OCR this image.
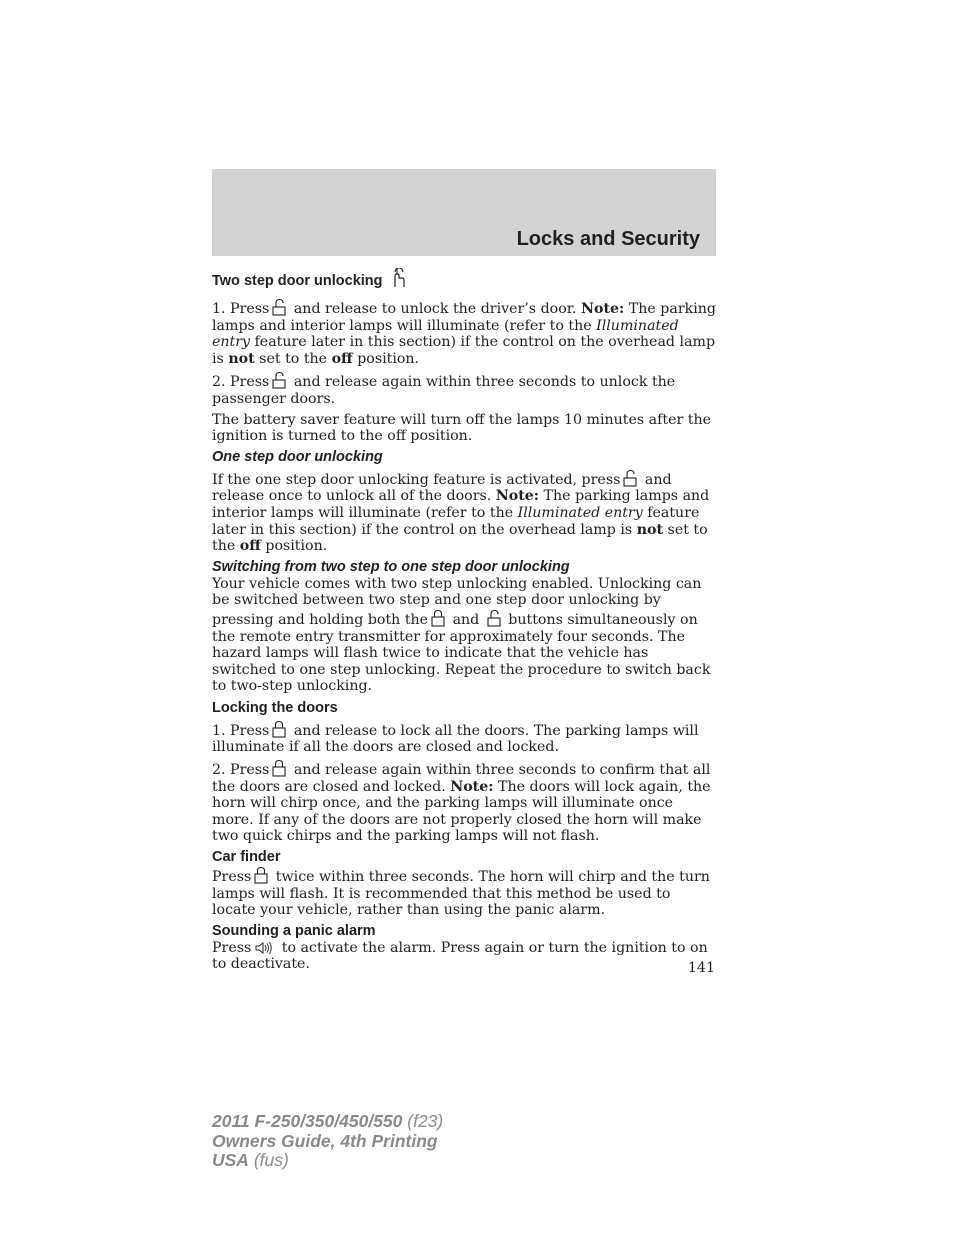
Locks and Security
Two step door unlocking

1. Press
and release to unlock the driver’s door. Note: The parking lamps and interior lamps will illuminate (refer to the Illuminated entry feature later in this section) if the control on the overhead lamp is not set to the off position.

2. Press
and release again within three seconds to unlock the passenger doors.

The battery saver feature will turn off the lamps 10 minutes after the ignition is turned to the off position.

One step door unlocking

If the one step door unlocking feature is activated, press
and release once to unlock all of the doors. Note: The parking lamps and interior lamps will illuminate (refer to the Illuminated entry feature later in this section) if the control on the overhead lamp is not set to the off position.

Switching from two step to one step door unlocking

Your vehicle comes with two step unlocking enabled. Unlocking can be switched between two step and one step door unlocking by pressing and holding both the
and
buttons simultaneously on the remote entry transmitter for approximately four seconds. The hazard lamps will flash twice to indicate that the vehicle has switched to one step unlocking. Repeat the procedure to switch back to two-step unlocking.

Locking the doors

1. Press
and release to lock all the doors. The parking lamps will illuminate if all the doors are closed and locked.

2. Press
and release again within three seconds to confirm that all the doors are closed and locked. Note: The doors will lock again, the horn will chirp once, and the parking lamps will illuminate once more. If any of the doors are not properly closed the horn will make two quick chirps and the parking lamps will not flash.

Car finder

Press
twice within three seconds. The horn will chirp and the turn lamps will flash. It is recommended that this method be used to locate your vehicle, rather than using the panic alarm.

Sounding a panic alarm

Press
to activate the alarm. Press again or turn the ignition to on to deactivate.	141
2011 F-250/350/450/550 (f23)
Owners Guide, 4th Printing
USA (fus)
